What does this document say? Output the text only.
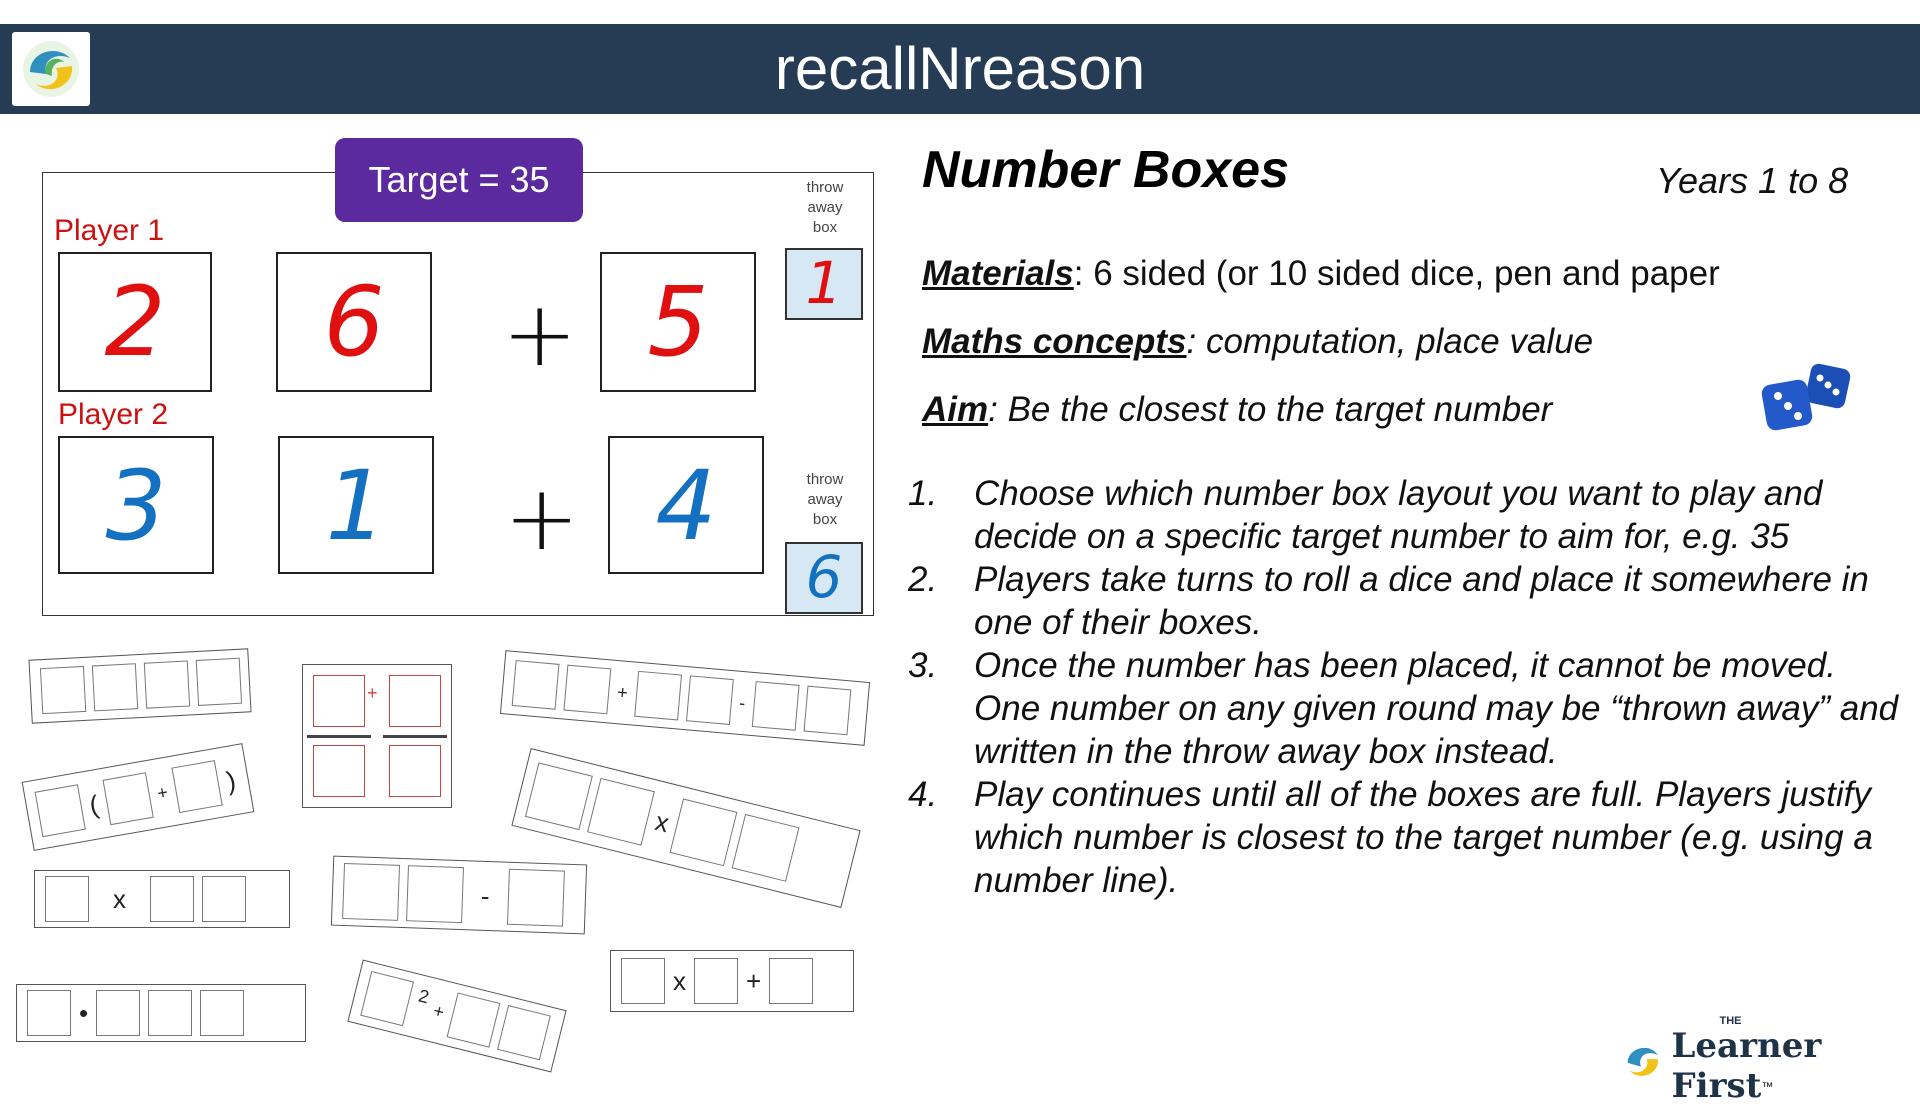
recallNreason
Target = 35
Player 1
2	6	+ 5
throw
away
box
1
Player 2
3	1	+ 4	throw
away
box
6
(	+ )
x
•
+
-
2
+
+
-
x
x +
Number Boxes	Years 1 to 8
Materials: 6 sided (or 10 sided dice, pen and paper
Maths concepts: computation, place value
Aim: Be the closest to the target number
1.	Choose which number box layout you want to play and decide on a specific target number to aim for, e.g. 35
2.	Players take turns to roll a dice and place it somewhere in one of their boxes.
3.	Once the number has been placed, it cannot be moved. One number on any given round may be “thrown away” and written in the throw away box instead.
4.	Play continues until all of the boxes are full. Players justify which number is closest to the target number (e.g. using a number line).
THE
Learner First™
